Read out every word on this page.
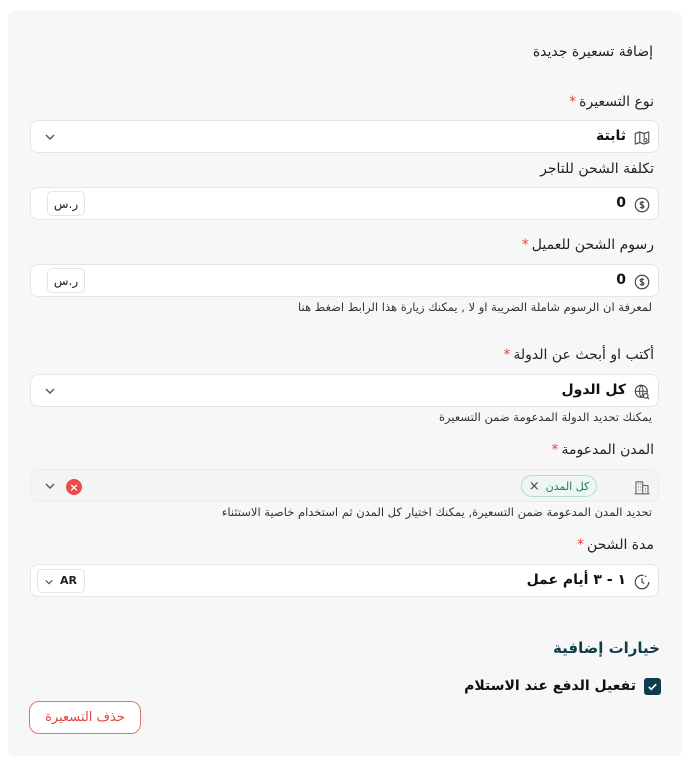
إضافة تسعيرة جديدة
نوع التسعيرة*
ثابتة
تكلفة الشحن للتاجر
0
ر.س
رسوم الشحن للعميل*
0
ر.س
لمعرفة ان الرسوم شاملة الضريبة او لا , يمكنك زيارة هذا الرابط اضغط هنا
أكتب او أبحث عن الدولة*
كل الدول
يمكنك تحديد الدولة المدعومة ضمن التسعيرة
المدن المدعومة*
كل المدن
×
×
تحديد المدن المدعومة ضمن التسعيرة, يمكنك اختيار كل المدن ثم استخدام خاصية الاستثناء
مدة الشحن*
١ - ٣ أيام عمل
AR
خيارات إضافية
تفعيل الدفع عند الاستلام
حذف التسعيرة
